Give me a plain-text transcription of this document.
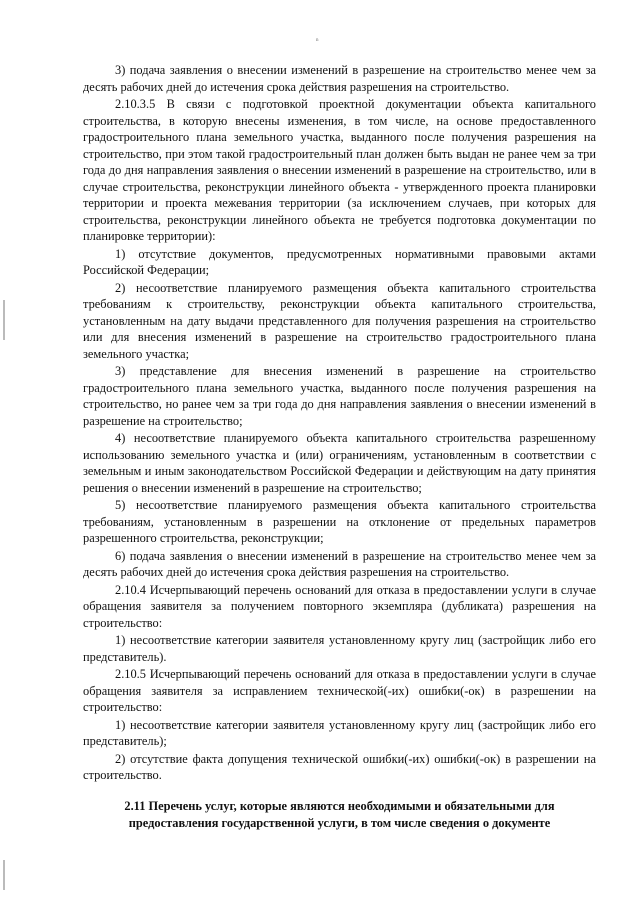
ⁿ

3) подача заявления о внесении изменений в разрешение на строительство менее чем за десять рабочих дней до истечения срока действия разрешения на строительство.

2.10.3.5 В связи с подготовкой проектной документации объекта капитального строительства, в которую внесены изменения, в том числе, на основе предоставленного градостроительного плана земельного участка, выданного после получения разрешения на строительство, при этом такой градостроительный план должен быть выдан не ранее чем за три года до дня направления заявления о внесении изменений в разрешение на строительство, или в случае строительства, реконструкции линейного объекта - утвержденного проекта планировки территории и проекта межевания территории (за исключением случаев, при которых для строительства, реконструкции линейного объекта не требуется подготовка документации по планировке территории):

1) отсутствие документов, предусмотренных нормативными правовыми актами Российской Федерации;

2) несоответствие планируемого размещения объекта капитального строительства требованиям к строительству, реконструкции объекта капитального строительства, установленным на дату выдачи представленного для получения разрешения на строительство или для внесения изменений в разрешение на строительство градостроительного плана земельного участка;

3) представление для внесения изменений в разрешение на строительство градостроительного плана земельного участка, выданного после получения разрешения на строительство, но ранее чем за три года до дня направления заявления о внесении изменений в разрешение на строительство;

4) несоответствие планируемого объекта капитального строительства разрешенному использованию земельного участка и (или) ограничениям, установленным в соответствии с земельным и иным законодательством Российской Федерации и действующим на дату принятия решения о внесении изменений в разрешение на строительство;

5) несоответствие планируемого размещения объекта капитального строительства требованиям, установленным в разрешении на отклонение от предельных параметров разрешенного строительства, реконструкции;

6) подача заявления о внесении изменений в разрешение на строительство менее чем за десять рабочих дней до истечения срока действия разрешения на строительство.

2.10.4 Исчерпывающий перечень оснований для отказа в предоставлении услуги в случае обращения заявителя за получением повторного экземпляра (дубликата) разрешения на строительство:

1) несоответствие категории заявителя установленному кругу лиц (застройщик либо его представитель).

2.10.5 Исчерпывающий перечень оснований для отказа в предоставлении услуги в случае обращения заявителя за исправлением технической(-их) ошибки(-ок) в разрешении на строительство:

1) несоответствие категории заявителя установленному кругу лиц (застройщик либо его представитель);

2) отсутствие факта допущения технической ошибки(-их) ошибки(-ок) в разрешении на строительство.

2.11 Перечень услуг, которые являются необходимыми и обязательными для предоставления государственной услуги, в том числе сведения о документе
